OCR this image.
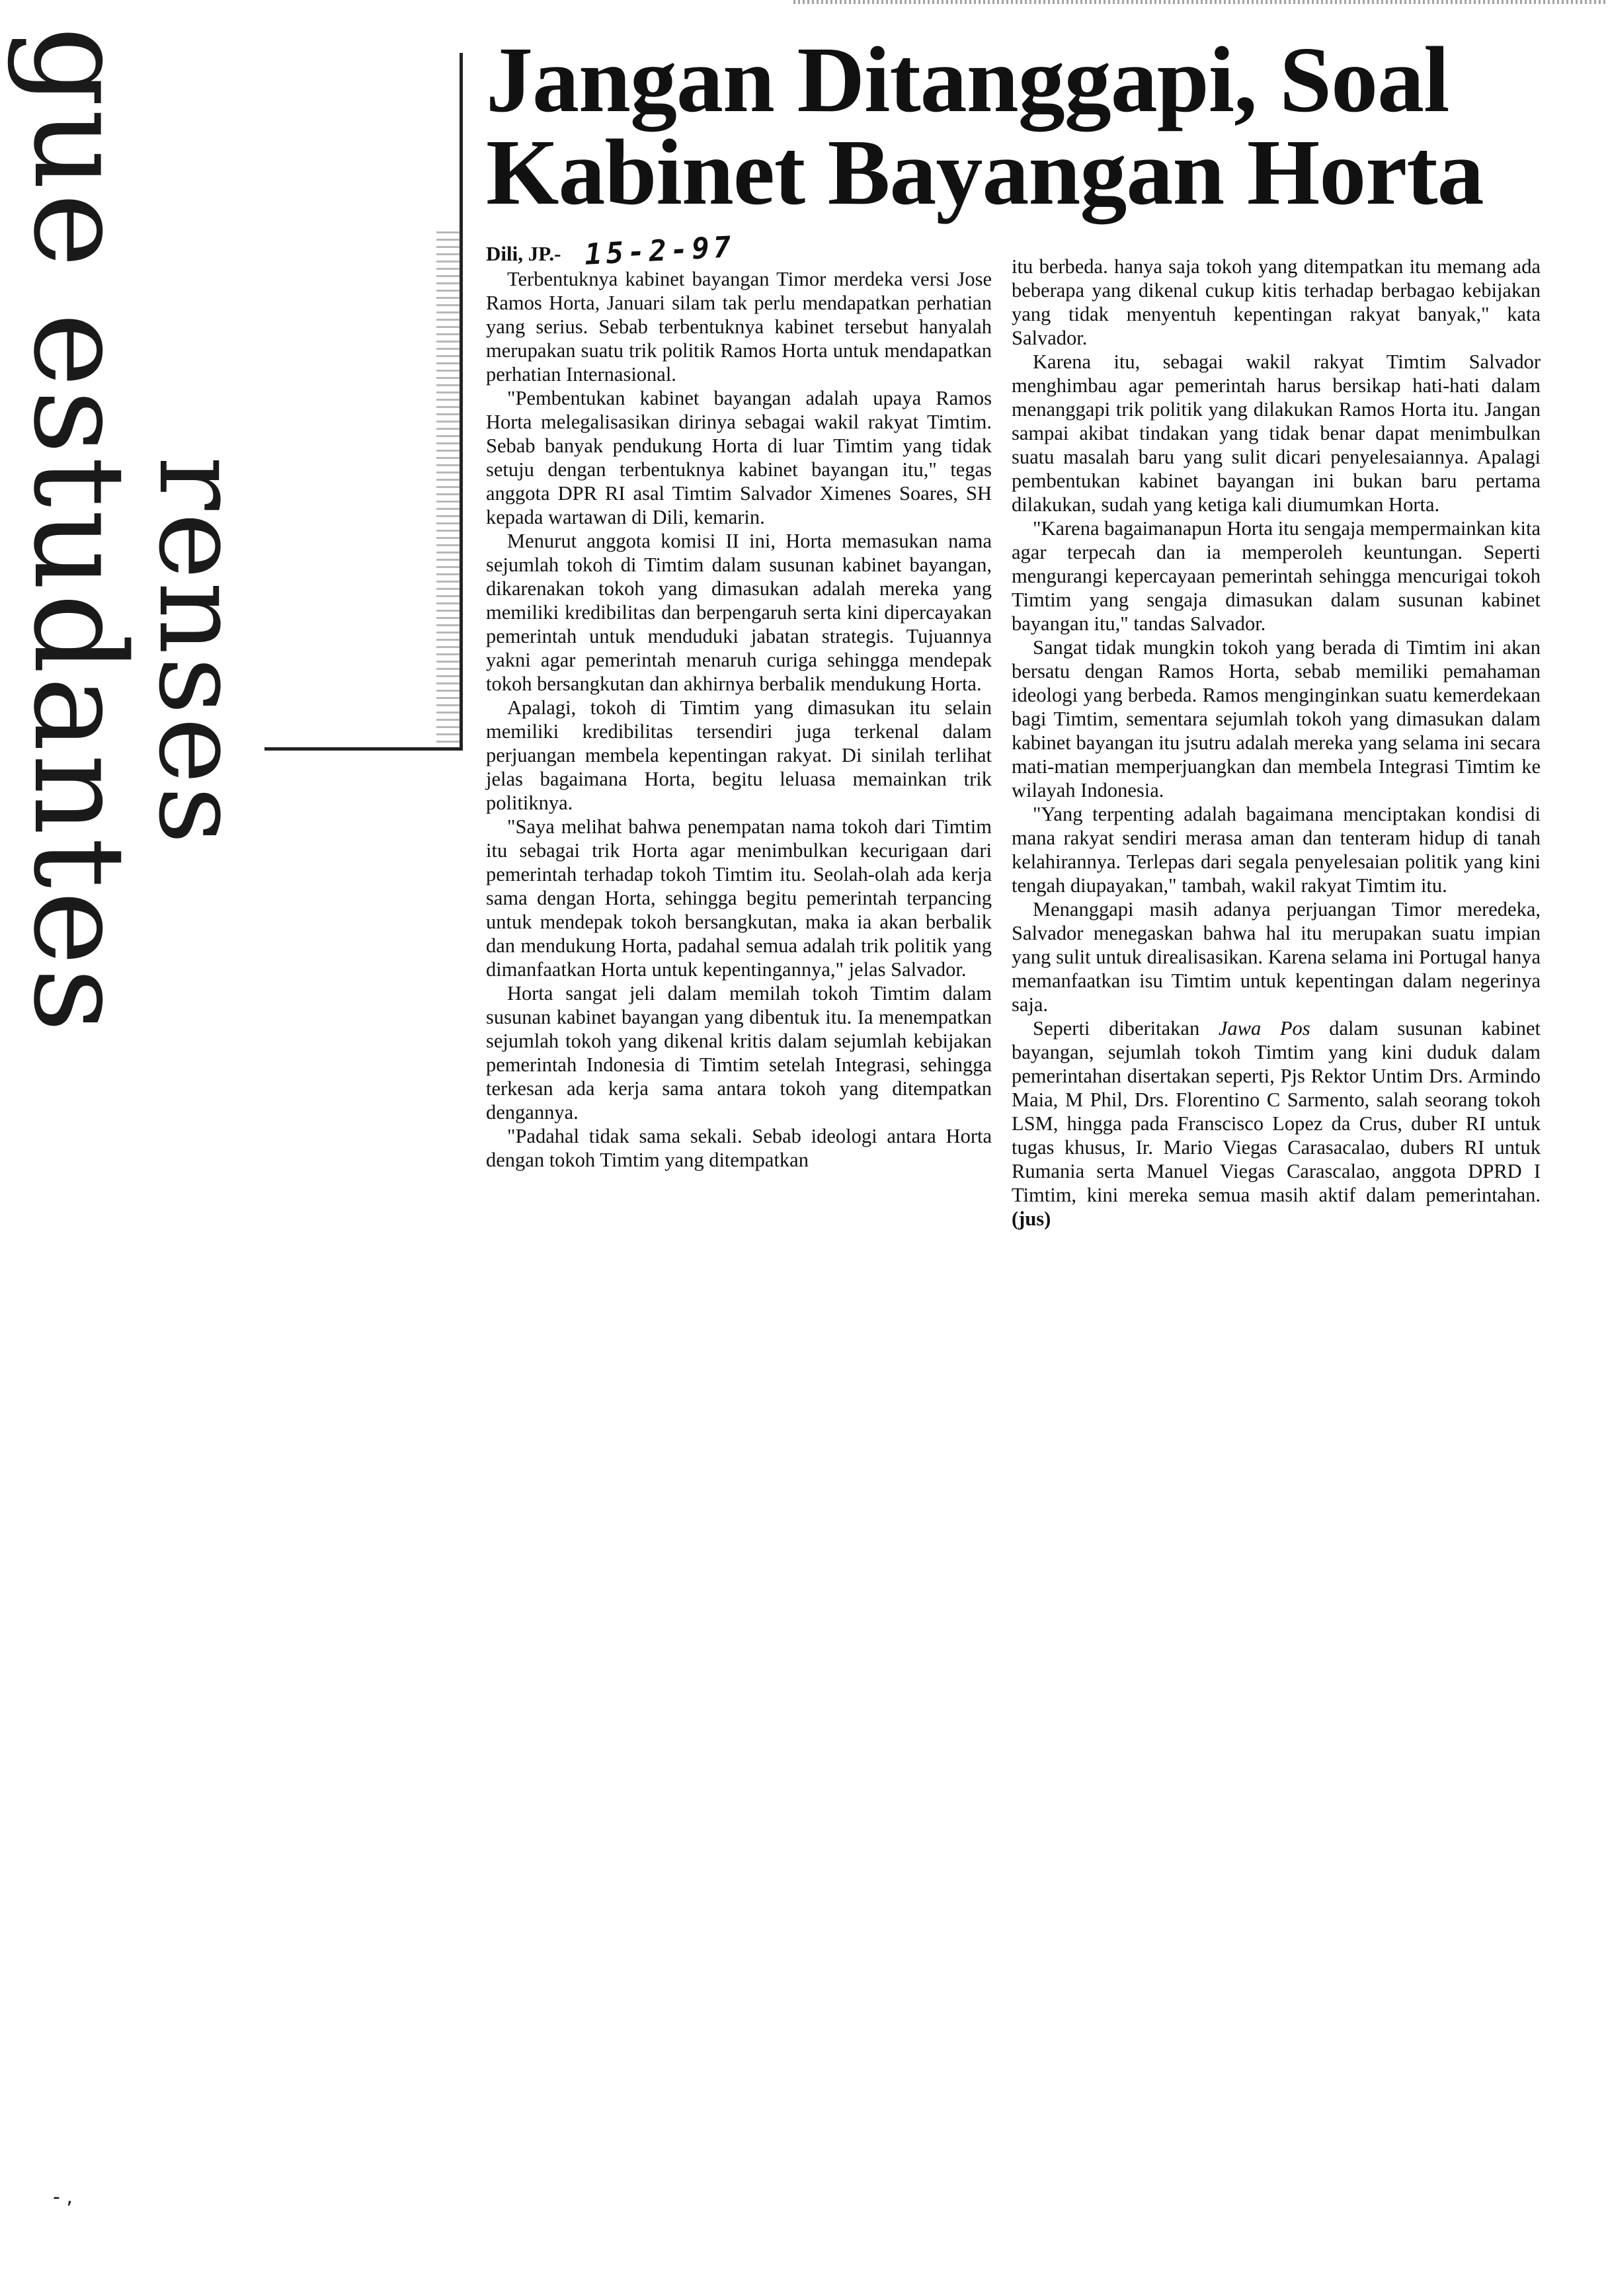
gue estudantes
renses
Jangan Ditanggapi, Soal
Kabinet Bayangan Horta
Dili, JP.- 15-2-97

Terbentuknya kabinet bayangan Timor merdeka versi Jose Ramos Horta, Januari silam tak perlu mendapatkan perhatian yang serius. Sebab terbentuknya kabinet tersebut hanyalah merupakan suatu trik politik Ramos Horta untuk mendapatkan perhatian Internasional.

"Pembentukan kabinet bayangan adalah upaya Ramos Horta melegalisasikan dirinya sebagai wakil rakyat Timtim. Sebab banyak pendukung Horta di luar Timtim yang tidak setuju dengan terbentuknya kabinet bayangan itu," tegas anggota DPR RI asal Timtim Salvador Ximenes Soares, SH kepada wartawan di Dili, kemarin.

Menurut anggota komisi II ini, Horta memasukan nama sejumlah tokoh di Timtim dalam susunan kabinet bayangan, dikarenakan tokoh yang dimasukan adalah mereka yang memiliki kredibilitas dan berpengaruh serta kini dipercayakan pemerintah untuk menduduki jabatan strategis. Tujuannya yakni agar pemerintah menaruh curiga sehingga mendepak tokoh bersangkutan dan akhirnya berbalik mendukung Horta.

Apalagi, tokoh di Timtim yang dimasukan itu selain memiliki kredibilitas tersendiri juga terkenal dalam perjuangan membela kepentingan rakyat. Di sinilah terlihat jelas bagaimana Horta, begitu leluasa memainkan trik politiknya.

"Saya melihat bahwa penempatan nama tokoh dari Timtim itu sebagai trik Horta agar menimbulkan kecurigaan dari pemerintah terhadap tokoh Timtim itu. Seolah-olah ada kerja sama dengan Horta, sehingga begitu pemerintah terpancing untuk mendepak tokoh bersangkutan, maka ia akan berbalik dan mendukung Horta, padahal semua adalah trik politik yang dimanfaatkan Horta untuk kepentingannya," jelas Salvador.

Horta sangat jeli dalam memilah tokoh Timtim dalam susunan kabinet bayangan yang dibentuk itu. Ia menempatkan sejumlah tokoh yang dikenal kritis dalam sejumlah kebijakan pemerintah Indonesia di Timtim setelah Integrasi, sehingga terkesan ada kerja sama antara tokoh yang ditempatkan dengannya.

"Padahal tidak sama sekali. Sebab ideologi antara Horta dengan tokoh Timtim yang ditempatkan

itu berbeda. hanya saja tokoh yang ditempatkan itu memang ada beberapa yang dikenal cukup kitis terhadap berbagao kebijakan yang tidak menyentuh kepentingan rakyat banyak," kata Salvador.

Karena itu, sebagai wakil rakyat Timtim Salvador menghimbau agar pemerintah harus bersikap hati-hati dalam menanggapi trik politik yang dilakukan Ramos Horta itu. Jangan sampai akibat tindakan yang tidak benar dapat menimbulkan suatu masalah baru yang sulit dicari penyelesaiannya. Apalagi pembentukan kabinet bayangan ini bukan baru pertama dilakukan, sudah yang ketiga kali diumumkan Horta.

"Karena bagaimanapun Horta itu sengaja mempermainkan kita agar terpecah dan ia memperoleh keuntungan. Seperti mengurangi kepercayaan pemerintah sehingga mencurigai tokoh Timtim yang sengaja dimasukan dalam susunan kabinet bayangan itu," tandas Salvador.

Sangat tidak mungkin tokoh yang berada di Timtim ini akan bersatu dengan Ramos Horta, sebab memiliki pemahaman ideologi yang berbeda. Ramos menginginkan suatu kemerdekaan bagi Timtim, sementara sejumlah tokoh yang dimasukan dalam kabinet bayangan itu jsutru adalah mereka yang selama ini secara mati-matian memperjuangkan dan membela Integrasi Timtim ke wilayah Indonesia.

"Yang terpenting adalah bagaimana menciptakan kondisi di mana rakyat sendiri merasa aman dan tenteram hidup di tanah kelahirannya. Terlepas dari segala penyelesaian politik yang kini tengah diupayakan," tambah, wakil rakyat Timtim itu.

Menanggapi masih adanya perjuangan Timor meredeka, Salvador menegaskan bahwa hal itu merupakan suatu impian yang sulit untuk direalisasikan. Karena selama ini Portugal hanya memanfaatkan isu Timtim untuk kepentingan dalam negerinya saja.

Seperti diberitakan Jawa Pos dalam susunan kabinet bayangan, sejumlah tokoh Timtim yang kini duduk dalam pemerintahan disertakan seperti, Pjs Rektor Untim Drs. Armindo Maia, M Phil, Drs. Florentino C Sarmento, salah seorang tokoh LSM, hingga pada Franscisco Lopez da Crus, duber RI untuk tugas khusus, Ir. Mario Viegas Carasacalao, dubers RI untuk Rumania serta Manuel Viegas Carascalao, anggota DPRD I Timtim, kini mereka semua masih aktif dalam pemerintahan. (jus)

- ,
